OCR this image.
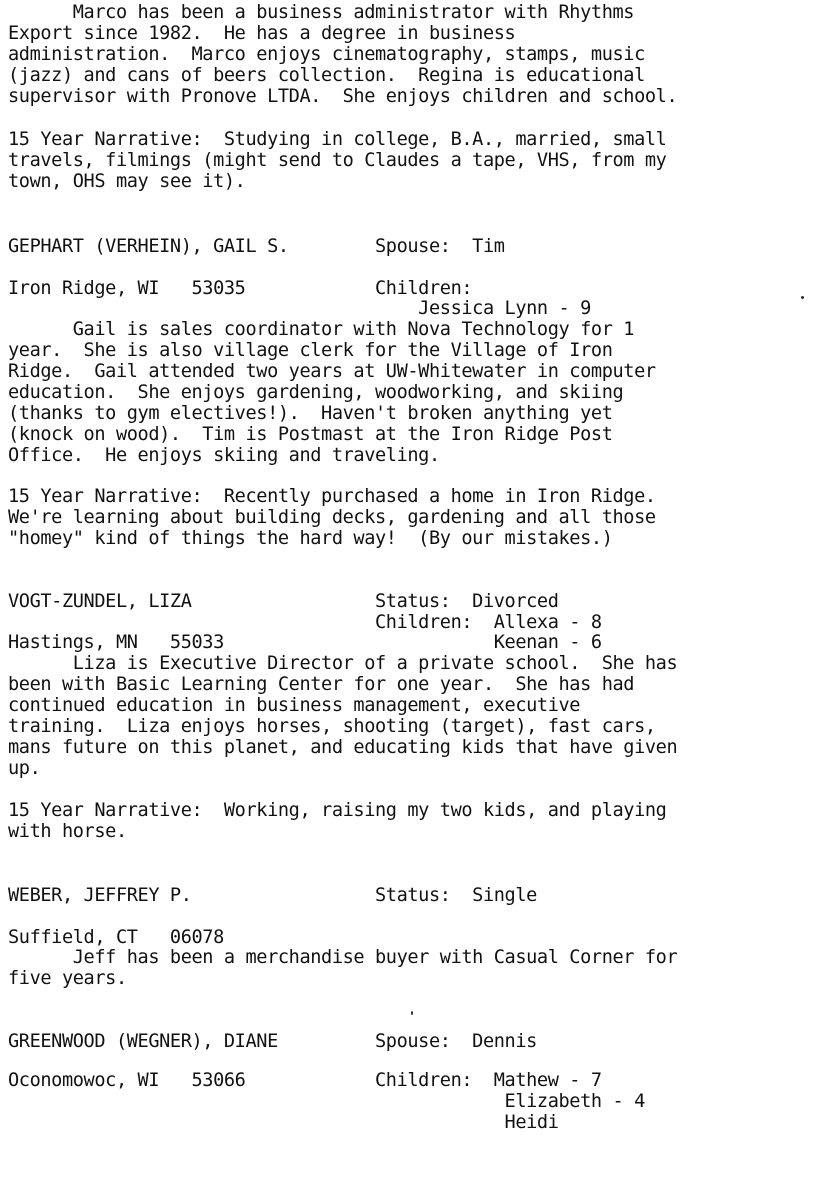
Marco has been a business administrator with Rhythms
Export since 1982.  He has a degree in business
administration.  Marco enjoys cinematography, stamps, music
(jazz) and cans of beers collection.  Regina is educational
supervisor with Pronove LTDA.  She enjoys children and school.
15 Year Narrative:  Studying in college, B.A., married, small
travels, filmings (might send to Claudes a tape, VHS, from my
town, OHS may see it).
GEPHART (VERHEIN), GAIL S.        Spouse:  Tim
Iron Ridge, WI   53035            Children:
Jessica Lynn - 9
Gail is sales coordinator with Nova Technology for 1
year.  She is also village clerk for the Village of Iron
Ridge.  Gail attended two years at UW-Whitewater in computer
education.  She enjoys gardening, woodworking, and skiing
(thanks to gym electives!).  Haven't broken anything yet
(knock on wood).  Tim is Postmast at the Iron Ridge Post
Office.  He enjoys skiing and traveling.
15 Year Narrative:  Recently purchased a home in Iron Ridge.
We're learning about building decks, gardening and all those
"homey" kind of things the hard way!  (By our mistakes.)
VOGT-ZUNDEL, LIZA                 Status:  Divorced
Children:  Allexa - 8
Hastings, MN   55033                         Keenan - 6
Liza is Executive Director of a private school.  She has
been with Basic Learning Center for one year.  She has had
continued education in business management, executive
training.  Liza enjoys horses, shooting (target), fast cars,
mans future on this planet, and educating kids that have given
up.
15 Year Narrative:  Working, raising my two kids, and playing
with horse.
WEBER, JEFFREY P.                 Status:  Single
Suffield, CT   06078
Jeff has been a merchandise buyer with Casual Corner for
five years.
GREENWOOD (WEGNER), DIANE         Spouse:  Dennis
Oconomowoc, WI   53066            Children:  Mathew - 7
Elizabeth - 4
Heidi
